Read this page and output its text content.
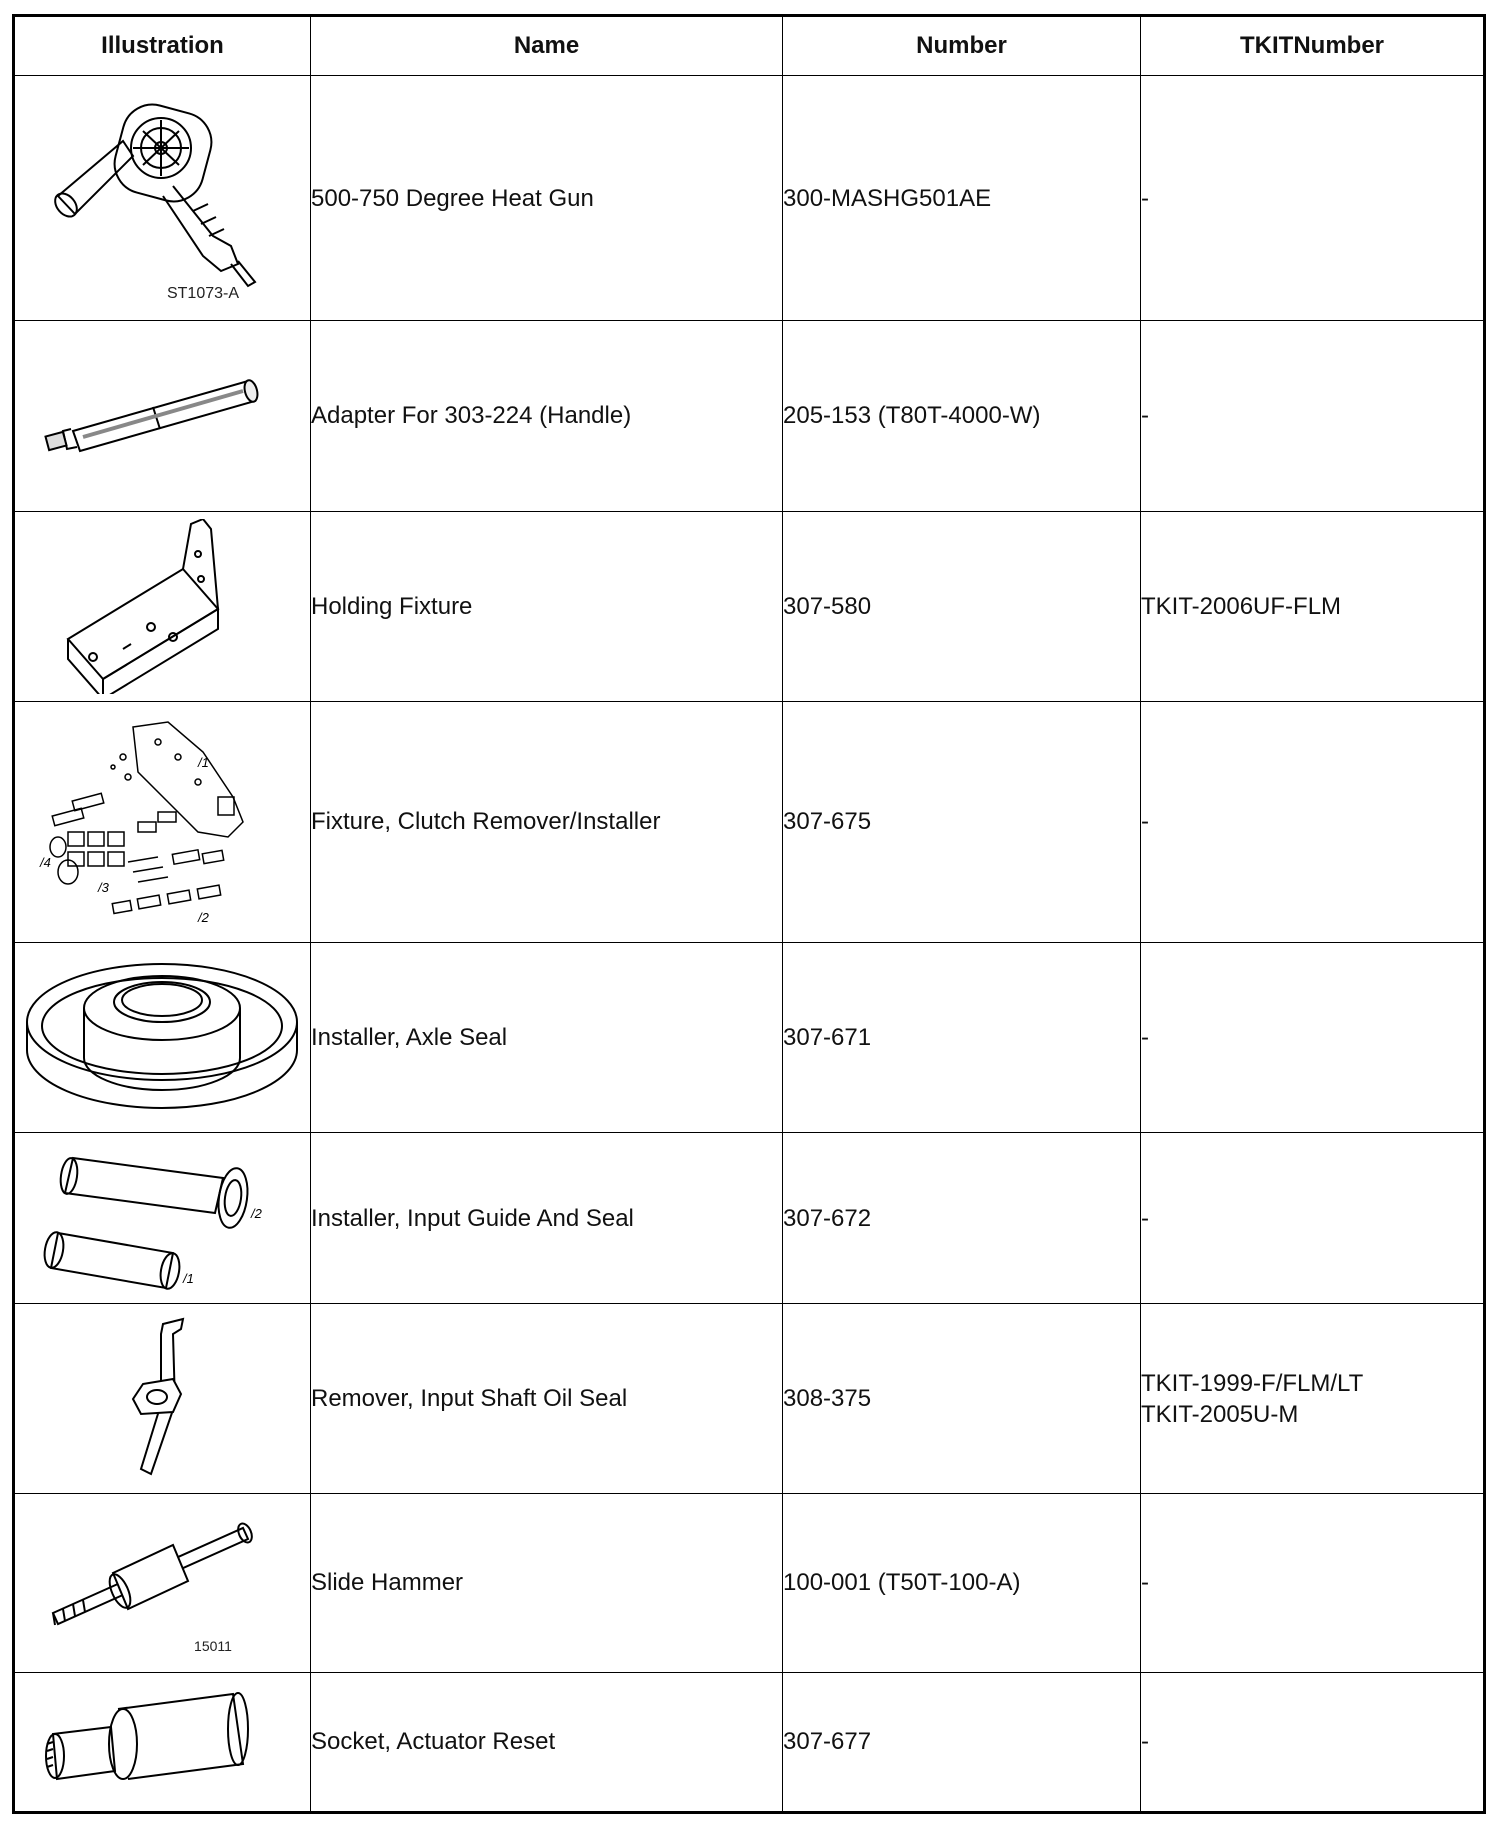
Illustration	Name	Number	TKITNumber

ST1073-A	500-750 Degree Heat Gun	300-MASHG501AE	-

	Adapter For 303-224 (Handle)	205-153 (T80T-4000-W)	-

	Holding Fixture	307-580	TKIT-2006UF-FLM

/1
/2
/3
/4	Fixture, Clutch Remover/Installer	307-675	-

	Installer, Axle Seal	307-671	-

/2
/1	Installer, Input Guide And Seal	307-672	-

	Remover, Input Shaft Oil Seal	308-375	TKIT-1999-F/FLM/LT
TKIT-2005U-M

15011	Slide Hammer	100-001 (T50T-100-A)	-

	Socket, Actuator Reset	307-677	-
